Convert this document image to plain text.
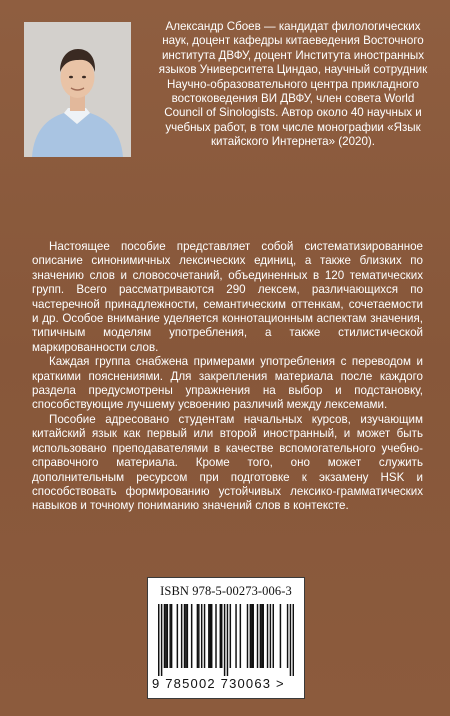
Александр Сбоев — кандидат филологических наук, доцент кафедры китаеведения Восточного института ДВФУ, доцент Института иностранных языков Университета Циндао, научный сотрудник Научно-образовательного центра прикладного востоковедения ВИ ДВФУ, член совета World Council of Sinologists. Автор около 40 научных и учебных работ, в том числе монографии «Язык китайского Интернета» (2020).

Настоящее пособие представляет собой систематизированное описание синонимичных лексических единиц, а также близких по значению слов и словосочетаний, объединенных в 120 тематических групп. Всего рассматриваются 290 лексем, различающихся по частеречной принадлежности, семантическим оттенкам, сочетаемости и др. Особое внимание уделяется коннотационным аспектам значения, типичным моделям употребления, а также стилистической маркированности слов.

Каждая группа снабжена примерами употребления с переводом и краткими пояснениями. Для закрепления материала после каждого раздела предусмотрены упражнения на выбор и подстановку, способствующие лучшему усвоению различий между лексемами.

Пособие адресовано студентам начальных курсов, изучающим китайский язык как первый или второй иностранный, и может быть использовано преподавателями в качестве вспомогательного учебно-справочного материала. Кроме того, оно может служить дополнительным ресурсом при подготовке к экзамену HSK и способствовать формированию устойчивых лексико-грамматических навыков и точному пониманию значений слов в контексте.

ISBN 978-5-00273-006-3
9 785002 730063 >
